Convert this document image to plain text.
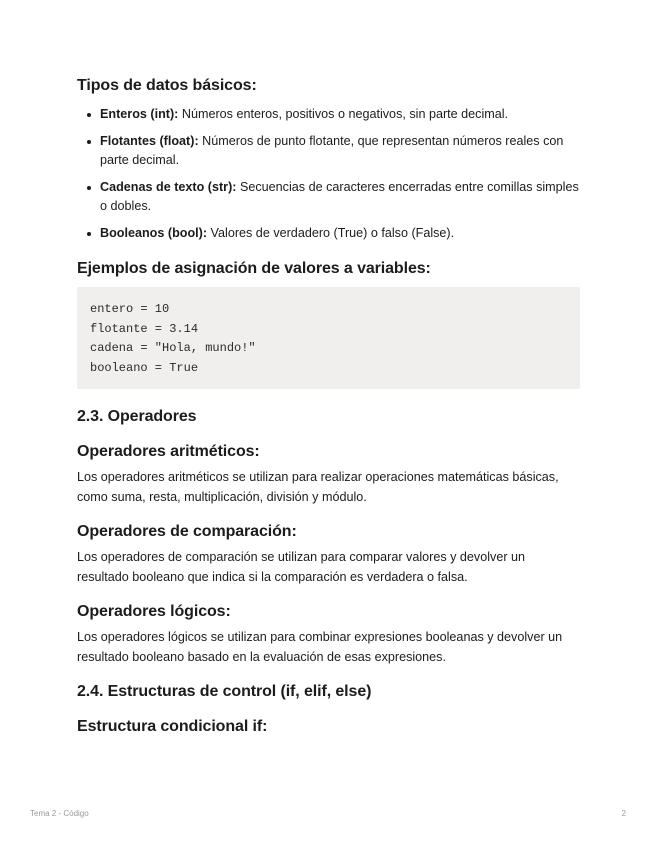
Tipos de datos básicos:
Enteros (int): Números enteros, positivos o negativos, sin parte decimal.
Flotantes (float): Números de punto flotante, que representan números reales con parte decimal.
Cadenas de texto (str): Secuencias de caracteres encerradas entre comillas simples o dobles.
Booleanos (bool): Valores de verdadero (True) o falso (False).
Ejemplos de asignación de valores a variables:
entero = 10
flotante = 3.14
cadena = "Hola, mundo!"
booleano = True
2.3. Operadores
Operadores aritméticos:

Los operadores aritméticos se utilizan para realizar operaciones matemáticas básicas, como suma, resta, multiplicación, división y módulo.

Operadores de comparación:

Los operadores de comparación se utilizan para comparar valores y devolver un resultado booleano que indica si la comparación es verdadera o falsa.

Operadores lógicos:

Los operadores lógicos se utilizan para combinar expresiones booleanas y devolver un resultado booleano basado en la evaluación de esas expresiones.

2.4. Estructuras de control (if, elif, else)
Estructura condicional if:
Tema 2 - Código	2
